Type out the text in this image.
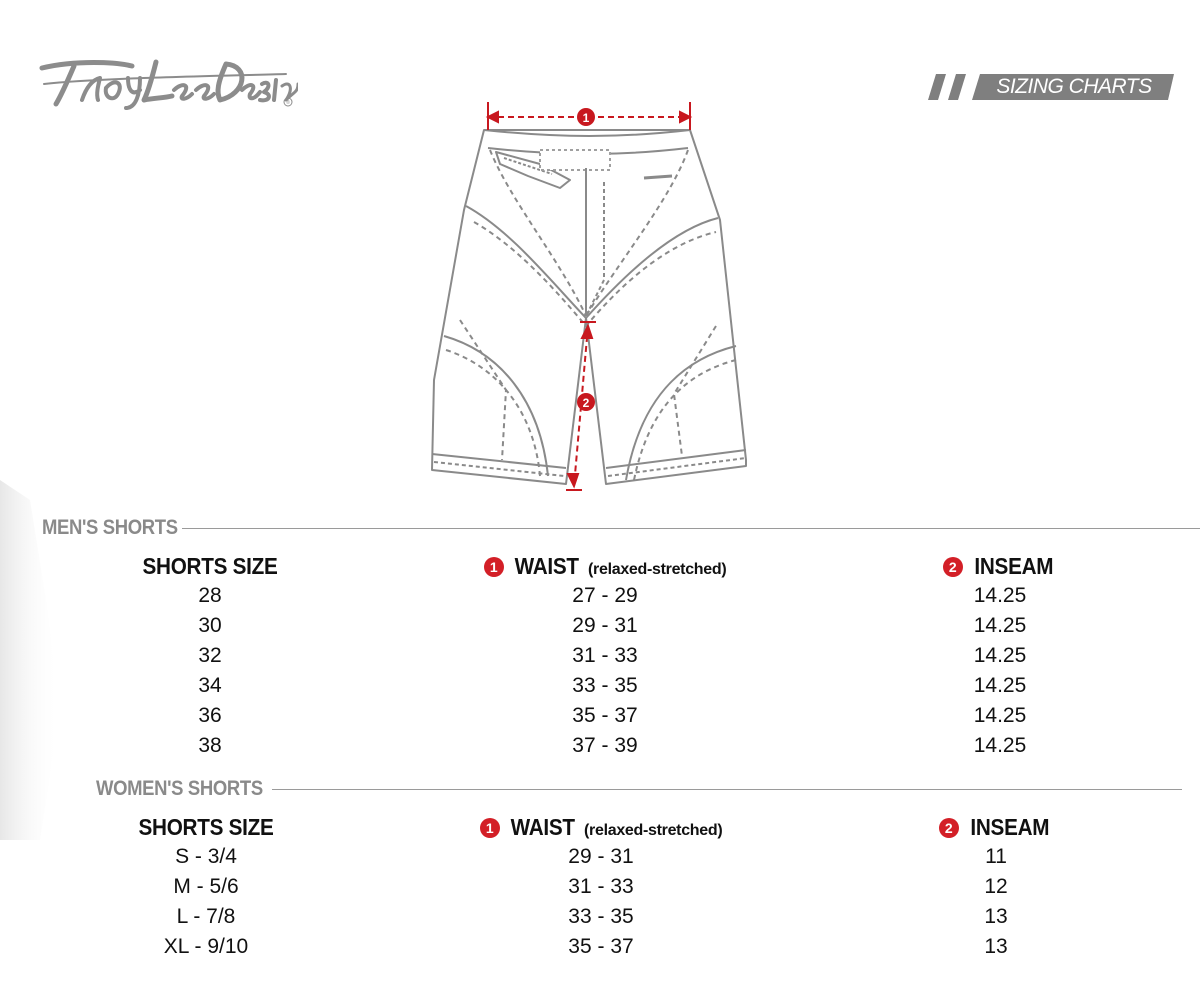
®
SIZING CHARTS
1
2
MEN'S SHORTS
SHORTS SIZE	1 WAIST (relaxed-stretched)	2 INSEAM
28	27 - 29	14.25
30	29 - 31	14.25
32	31 - 33	14.25
34	33 - 35	14.25
36	35 - 37	14.25
38	37 - 39	14.25
WOMEN'S SHORTS
SHORTS SIZE	1 WAIST (relaxed-stretched)	2 INSEAM
S - 3/4	29 - 31	11
M - 5/6	31 - 33	12
L - 7/8	33 - 35	13
XL - 9/10	35 - 37	13
